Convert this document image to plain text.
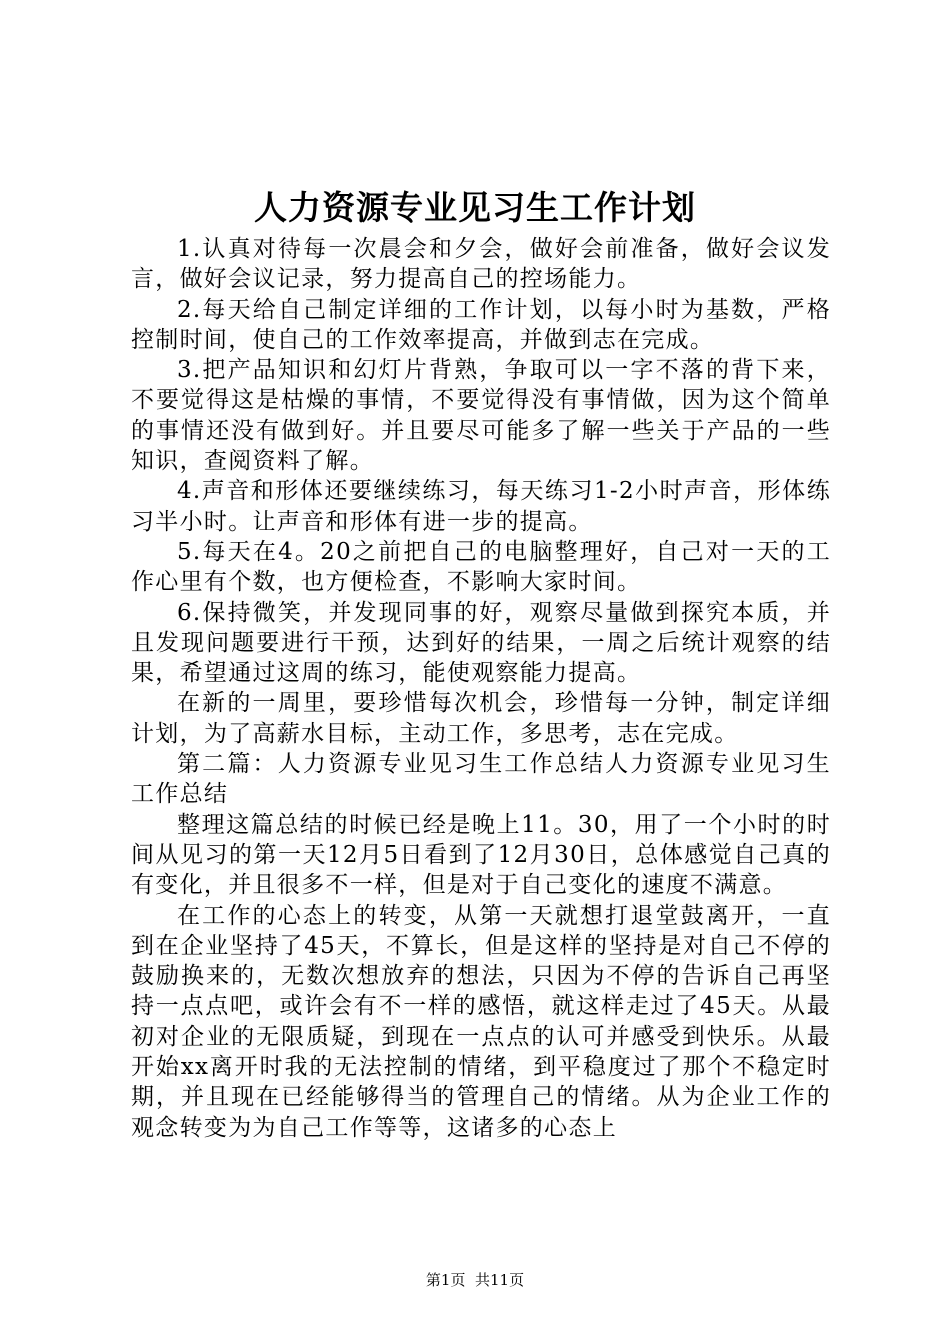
人力资源专业见习生工作计划

1.认真对待每一次晨会和夕会，做好会前准备，做好会议发言，做好会议记录，努力提高自己的控场能力。

2.每天给自己制定详细的工作计划，以每小时为基数，严格控制时间，使自己的工作效率提高，并做到志在完成。

3.把产品知识和幻灯片背熟，争取可以一字不落的背下来，不要觉得这是枯燥的事情，不要觉得没有事情做，因为这个简单的事情还没有做到好。并且要尽可能多了解一些关于产品的一些知识，查阅资料了解。

4.声音和形体还要继续练习，每天练习1-2小时声音，形体练习半小时。让声音和形体有进一步的提高。

5.每天在4。20之前把自己的电脑整理好，自己对一天的工作心里有个数，也方便检查，不影响大家时间。

6.保持微笑，并发现同事的好，观察尽量做到探究本质，并且发现问题要进行干预，达到好的结果，一周之后统计观察的结果，希望通过这周的练习，能使观察能力提高。

在新的一周里，要珍惜每次机会，珍惜每一分钟，制定详细计划，为了高薪水目标，主动工作，多思考，志在完成。

第二篇：人力资源专业见习生工作总结人力资源专业见习生工作总结

整理这篇总结的时候已经是晚上11。30，用了一个小时的时间从见习的第一天12月5日看到了12月30日，总体感觉自己真的有变化，并且很多不一样，但是对于自己变化的速度不满意。

在工作的心态上的转变，从第一天就想打退堂鼓离开，一直到在企业坚持了45天，不算长，但是这样的坚持是对自己不停的鼓励换来的，无数次想放弃的想法，只因为不停的告诉自己再坚持一点点吧，或许会有不一样的感悟，就这样走过了45天。从最初对企业的无限质疑，到现在一点点的认可并感受到快乐。从最开始xx离开时我的无法控制的情绪，到平稳度过了那个不稳定时期，并且现在已经能够得当的管理自己的情绪。从为企业工作的观念转变为为自己工作等等，这诸多的心态上

第1页 共11页
